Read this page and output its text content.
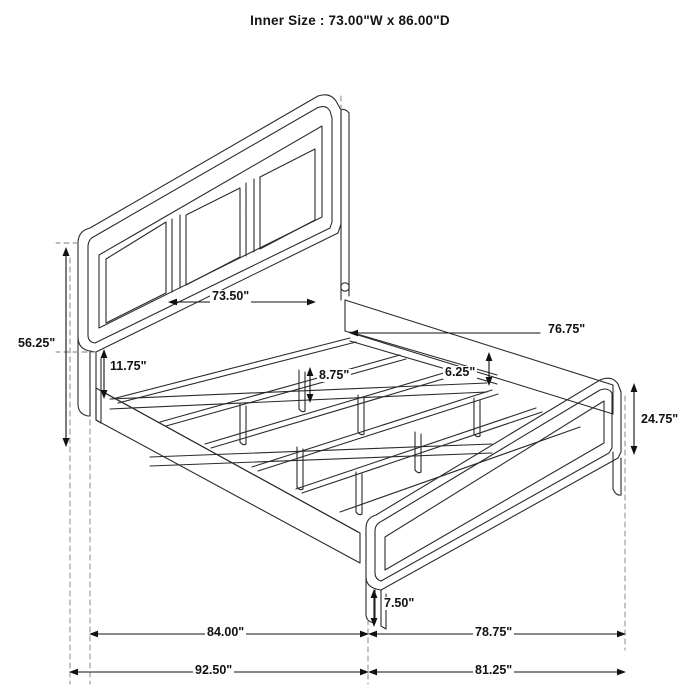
Inner Size : 73.00"W x 86.00"D
56.25"
11.75"
73.50"
8.75"	6.25"
76.75"
24.75"
7.50"
84.00"	78.75"
92.50"	81.25"
